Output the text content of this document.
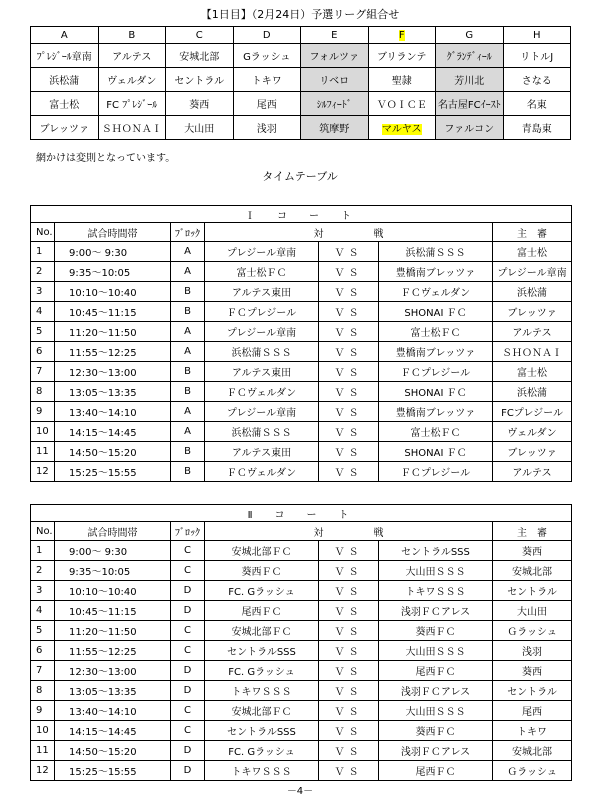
【1日目】（2月24日）予選リーグ組合せ
A	B	C	D	E	F	G	H
ﾌﾟﾚｼﾞｰﾙ章南	アルテス	安城北部	Gラッシュ	フォルツァ	ブリランテ	ｸﾞﾗﾝﾃﾞｨｰﾙ	リトルJ
浜松蒲	ヴェルダン	セントラル	トキワ	リベロ	聖隷	芳川北	さなる
富士松	FC ﾌﾟﾚｼﾞｰﾙ	葵西	尾西	ｼﾙﾌｨｰﾄﾞ	ＶＯＩＣＥ	名古屋FCｲｰｽﾄ	名東
ブレッツァ	ＳＨＯＮＡＩ	大山田	浅羽	筑摩野	マルヤス	ファルコン	青島東
網かけは変則となっています。
タイムテーブル
Ｉ　コ　ー　ト						
No.	試合時間帯	ﾌﾞﾛｯｸ	対　　　　　戦			主　審
1	9:00～ 9:30	A	プレジール章南	ＶＳ	浜松蒲ＳＳＳ	富士松
2	9:35～10:05	A	富士松ＦＣ	ＶＳ	豊橋南ブレッツァ	プレジール章南
3	10:10～10:40	B	アルテス東田	ＶＳ	ＦＣヴェルダン	浜松蒲
4	10:45～11:15	B	ＦＣプレジール	ＶＳ	SHONAI ＦＣ	ブレッツァ
5	11:20～11:50	A	プレジール章南	ＶＳ	富士松ＦＣ	アルテス
6	11:55～12:25	A	浜松蒲ＳＳＳ	ＶＳ	豊橋南ブレッツァ	ＳＨＯＮＡＩ
7	12:30～13:00	B	アルテス東田	ＶＳ	ＦＣプレジール	富士松
8	13:05～13:35	B	ＦＣヴェルダン	ＶＳ	SHONAI ＦＣ	浜松蒲
9	13:40～14:10	A	プレジール章南	ＶＳ	豊橋南ブレッツァ	FCプレジール
10	14:15～14:45	A	浜松蒲ＳＳＳ	ＶＳ	富士松ＦＣ	ヴェルダン
11	14:50～15:20	B	アルテス東田	ＶＳ	SHONAI ＦＣ	ブレッツァ
12	15:25～15:55	B	ＦＣヴェルダン	ＶＳ	ＦＣプレジール	アルテス
Ⅱ　コ　ー　ト						
No.	試合時間帯	ﾌﾞﾛｯｸ	対　　　　　戦			主　審
1	9:00～ 9:30	C	安城北部ＦＣ	ＶＳ	セントラルSSS	葵西
2	9:35～10:05	C	葵西ＦＣ	ＶＳ	大山田ＳＳＳ	安城北部
3	10:10～10:40	D	FC. Gラッシュ	ＶＳ	トキワＳＳＳ	セントラル
4	10:45～11:15	D	尾西ＦＣ	ＶＳ	浅羽ＦＣアレス	大山田
5	11:20～11:50	C	安城北部ＦＣ	ＶＳ	葵西ＦＣ	Ｇラッシュ
6	11:55～12:25	C	セントラルSSS	ＶＳ	大山田ＳＳＳ	浅羽
7	12:30～13:00	D	FC. Gラッシュ	ＶＳ	尾西ＦＣ	葵西
8	13:05～13:35	D	トキワＳＳＳ	ＶＳ	浅羽ＦＣアレス	セントラル
9	13:40～14:10	C	安城北部ＦＣ	ＶＳ	大山田ＳＳＳ	尾西
10	14:15～14:45	C	セントラルSSS	ＶＳ	葵西ＦＣ	トキワ
11	14:50～15:20	D	FC. Gラッシュ	ＶＳ	浅羽ＦＣアレス	安城北部
12	15:25～15:55	D	トキワＳＳＳ	ＶＳ	尾西ＦＣ	Ｇラッシュ
－4－
